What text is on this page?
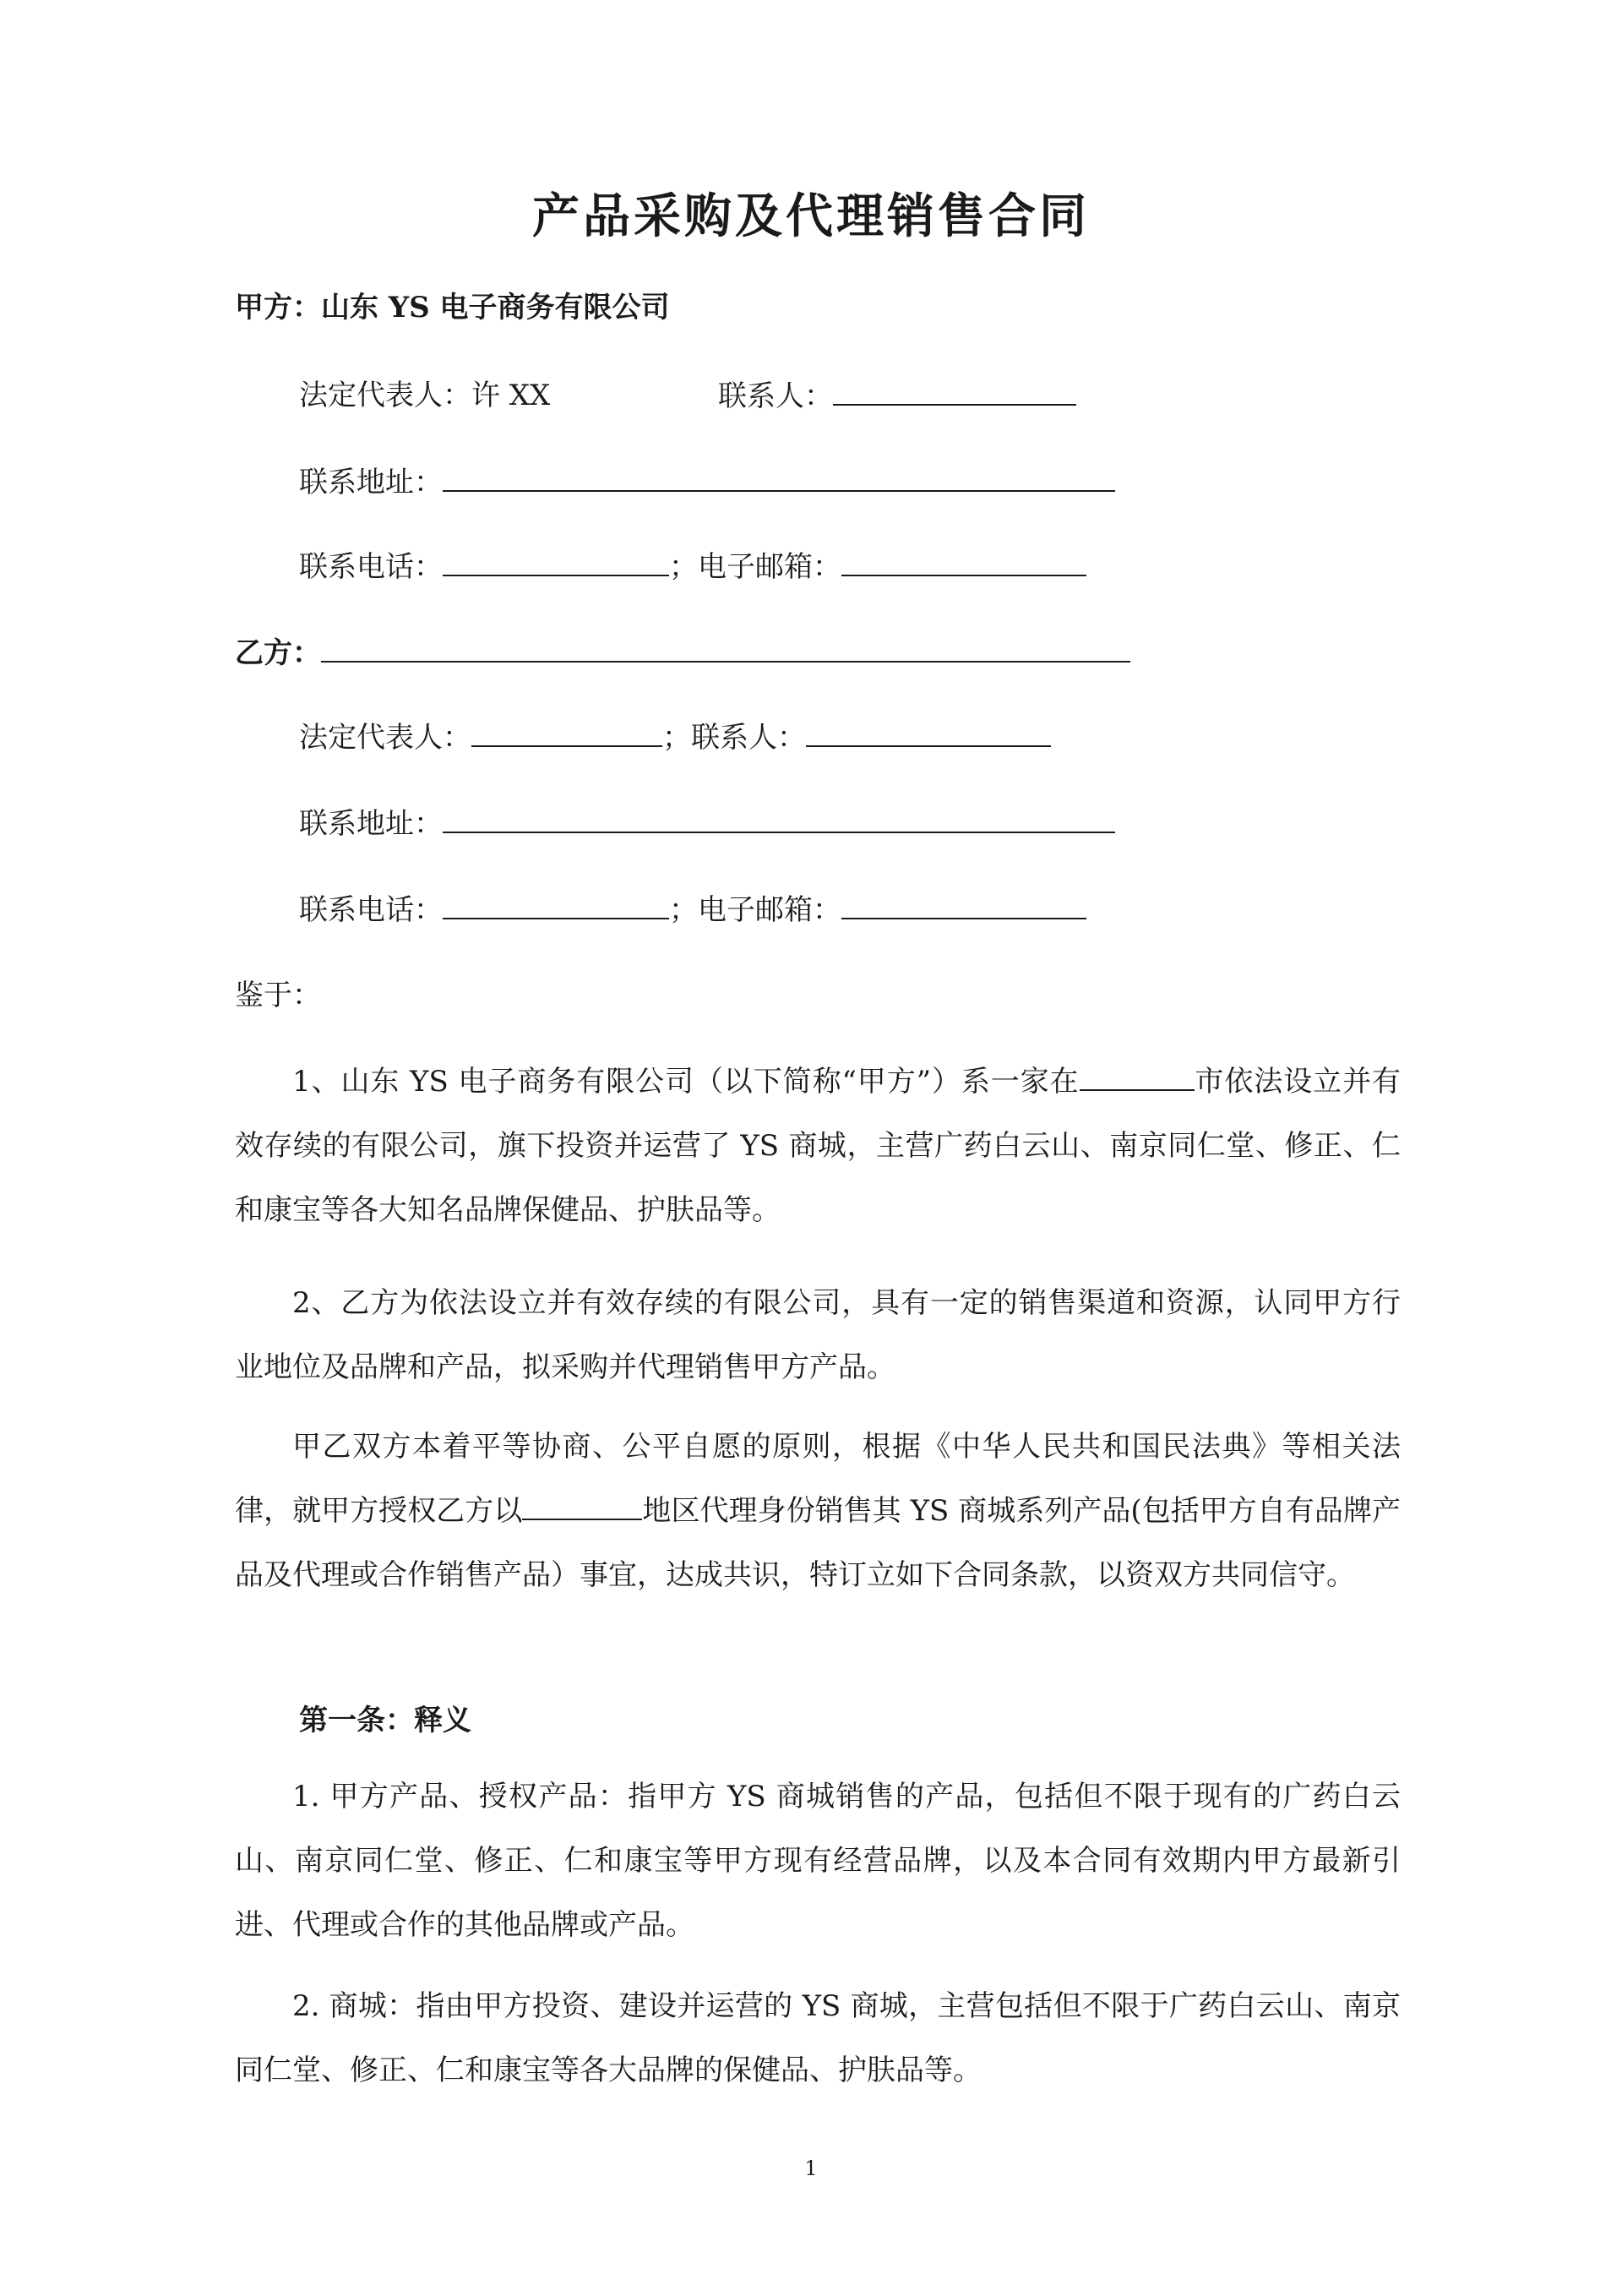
产品采购及代理销售合同
甲方：山东 YS 电子商务有限公司
法定代表人：许 XX	联系人：
联系地址：
联系电话：	；电子邮箱：
乙方：
法定代表人：	；联系人：
联系地址：
联系电话：	；电子邮箱：
鉴于：
1、山东 YS 电子商务有限公司（以下简称“甲方”）系一家在	市依法设立并有效存续的有限公司，旗下投资并运营了 YS 商城，主营广药白云山、南京同仁堂、修正、仁和康宝等各大知名品牌保健品、护肤品等。
2、乙方为依法设立并有效存续的有限公司，具有一定的销售渠道和资源，认同甲方行业地位及品牌和产品，拟采购并代理销售甲方产品。
甲乙双方本着平等协商、公平自愿的原则，根据《中华人民共和国民法典》等相关法律，就甲方授权乙方以	地区代理身份销售其 YS 商城系列产品(包括甲方自有品牌产品及代理或合作销售产品）事宜，达成共识，特订立如下合同条款，以资双方共同信守。
第一条：释义
1. 甲方产品、授权产品：指甲方 YS 商城销售的产品，包括但不限于现有的广药白云山、南京同仁堂、修正、仁和康宝等甲方现有经营品牌，以及本合同有效期内甲方最新引进、代理或合作的其他品牌或产品。
2. 商城：指由甲方投资、建设并运营的 YS 商城，主营包括但不限于广药白云山、南京同仁堂、修正、仁和康宝等各大品牌的保健品、护肤品等。
1
